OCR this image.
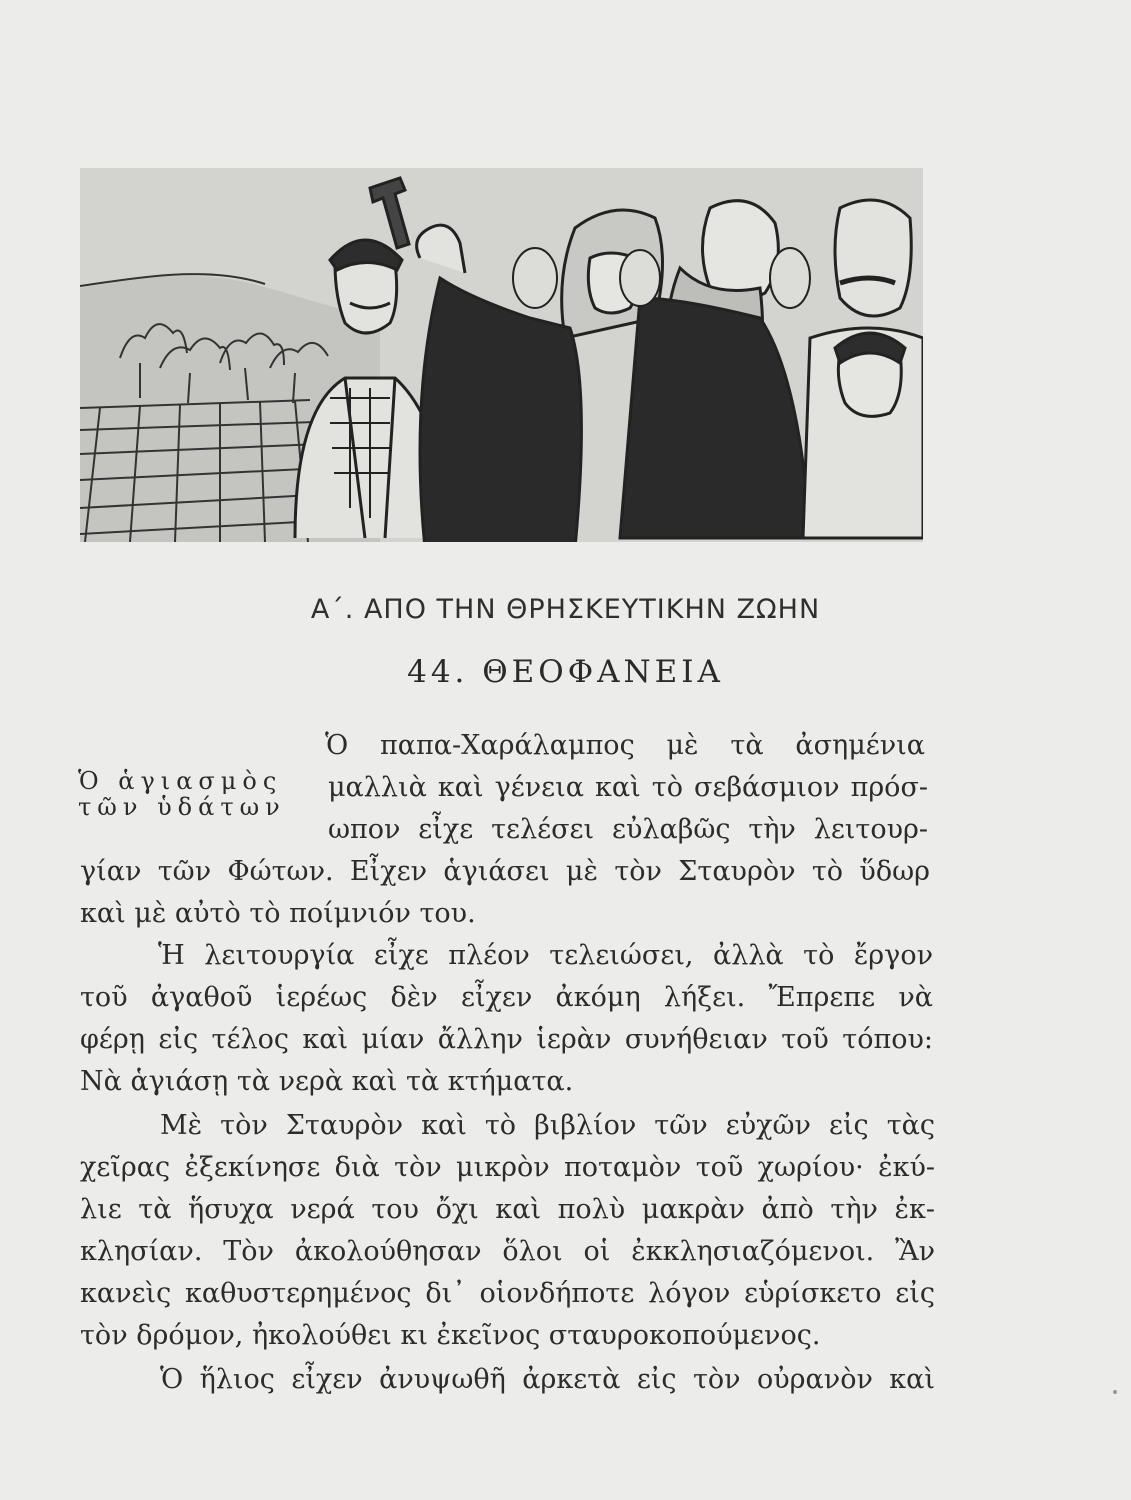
Α΄. ΑΠΟ ΤΗΝ ΘΡΗΣΚΕΥΤΙΚΗΝ ΖΩΗΝ
44. ΘΕΟΦΑΝΕΙΑ
Ὁ ἁγιασμὸς
τῶν ὑδάτων
Ὁ παπα-Χαράλαμπος μὲ τὰ ἀσημένια
μαλλιὰ καὶ γένεια καὶ τὸ σεβάσμιον πρόσ-
ωπον εἶχε τελέσει εὐλαβῶς τὴν λειτουρ-
γίαν τῶν Φώτων. Εἶχεν ἁγιάσει μὲ τὸν Σταυρὸν τὸ ὕδωρ
καὶ μὲ αὐτὸ τὸ ποίμνιόν του.
Ἡ λειτουργία εἶχε πλέον τελειώσει, ἀλλὰ τὸ ἔργον
τοῦ ἀγαθοῦ ἱερέως δὲν εἶχεν ἀκόμη λήξει. Ἔπρεπε νὰ
φέρῃ εἰς τέλος καὶ μίαν ἄλλην ἱερὰν συνήθειαν τοῦ τόπου:
Νὰ ἁγιάσῃ τὰ νερὰ καὶ τὰ κτήματα.
Μὲ τὸν Σταυρὸν καὶ τὸ βιβλίον τῶν εὐχῶν εἰς τὰς
χεῖρας ἐξεκίνησε διὰ τὸν μικρὸν ποταμὸν τοῦ χωρίου· ἐκύ-
λιε τὰ ἥσυχα νερά του ὄχι καὶ πολὺ μακρὰν ἀπὸ τὴν ἐκ-
κλησίαν. Τὸν ἀκολούθησαν ὅλοι οἱ ἐκκλησιαζόμενοι. Ἂν
κανεὶς καθυστερημένος δι᾽ οἱονδήποτε λόγον εὑρίσκετο εἰς
τὸν δρόμον, ἠκολούθει κι ἐκεῖνος σταυροκοπούμενος.
Ὁ ἥλιος εἶχεν ἀνυψωθῆ ἀρκετὰ εἰς τὸν οὐρανὸν καὶ
